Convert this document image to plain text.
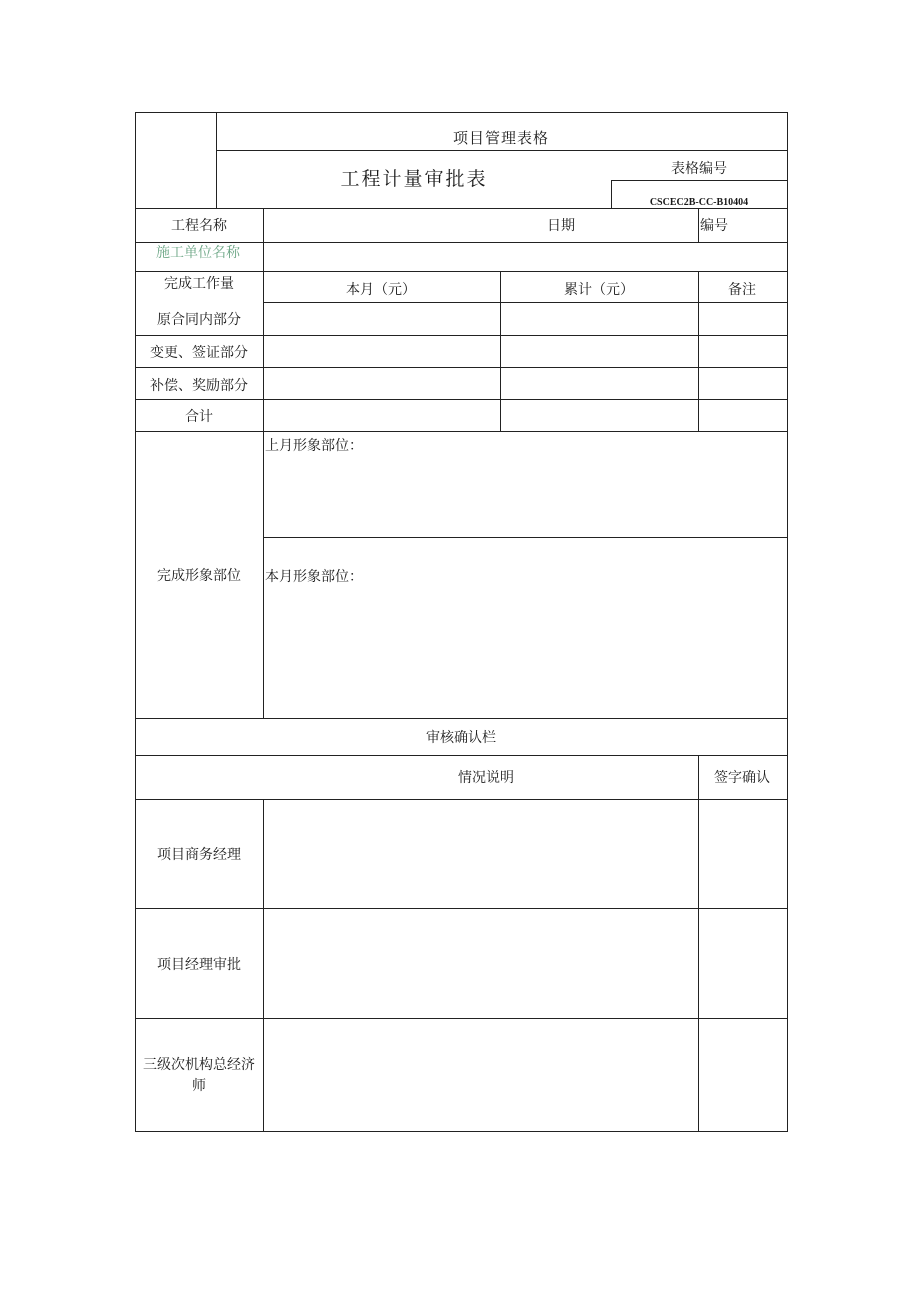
项目管理表格
工程计量审批表	表格编号
CSCEC2B-CC-B10404
工程名称	日期	编号
施工单位名称
完成工作量	本月（元）	累计（元）	备注
原合同内部分
变更、签证部分
补偿、奖励部分
合计
完成形象部位
上月形象部位：
本月形象部位：
审核确认栏
情况说明	签字确认
项目商务经理
项目经理审批
三级次机构总经济
师
